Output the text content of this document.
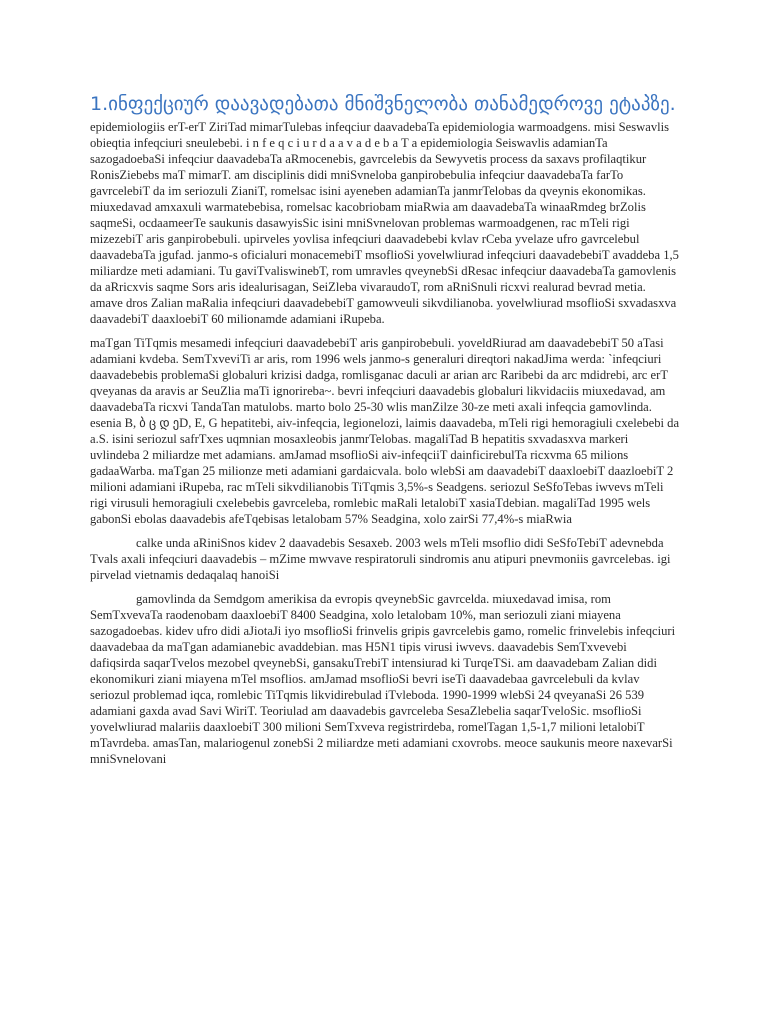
1.ინფექციურ დაავადებათა მნიშვნელობა თანამედროვე ეტაპზე.

epidemiologiis erT-erT ZiriTad mimarTulebas infeqciur daavadebaTa epidemiologia warmoadgens. misi Seswavlis obieqtia infeqciuri sneulebebi. i n f e q c i u r d a a v a d e b a T a epidemiologia Seiswavlis adamianTa sazogadoebaSi infeqciur daavadebaTa aRmocenebis, gavrcelebis da Sewyvetis process da saxavs profilaqtikur RonisZiebebs maT mimarT. am disciplinis didi mniSvneloba ganpirobebulia infeqciur daavadebaTa farTo gavrcelebiT da im seriozuli ZianiT, romelsac isini ayeneben adamianTa janmrTelobas da qveynis ekonomikas. miuxedavad amxaxuli warmatebebisa, romelsac kacobriobam miaRwia am daavadebaTa winaaRmdeg brZolis saqmeSi, ocdaameerTe saukunis dasawyisSic isini mniSvnelovan problemas warmoadgenen, rac mTeli rigi mizezebiT aris ganpirobebuli. upirveles yovlisa infeqciuri daavadebebi kvlav rCeba yvelaze ufro gavrcelebul daavadebaTa jgufad. janmo-s oficialuri monacemebiT msoflioSi yovelwliurad infeqciuri daavadebebiT avaddeba 1,5 miliardze meti adamiani. Tu gaviTvaliswinebT, rom umravles qveynebSi dResac infeqciur daavadebaTa gamovlenis da aRricxvis saqme Sors aris idealurisagan, SeiZleba vivaraudoT, rom aRniSnuli ricxvi realurad bevrad metia. amave dros Zalian maRalia infeqciuri daavadebebiT gamowveuli sikvdilianoba. yovelwliurad msoflioSi sxvadasxva daavadebiT daaxloebiT 60 milionamde adamiani iRupeba.

maTgan TiTqmis mesamedi infeqciuri daavadebebiT aris ganpirobebuli. yoveldRiurad am daavadebebiT 50 aTasi adamiani kvdeba. SemTxveviTi ar aris, rom 1996 wels janmo-s generaluri direqtori nakadJima werda: `infeqciuri daavadebebis problemaSi globaluri krizisi dadga, romlisganac daculi ar arian arc Raribebi da arc mdidrebi, arc erT qveyanas da aravis ar SeuZlia maTi ignorireba~. bevri infeqciuri daavadebis globaluri likvidaciis miuxedavad, am daavadebaTa ricxvi TandaTan matulobs. marto bolo 25-30 wlis manZilze 30-ze meti axali infeqcia gamovlinda. esenia B, ბ ც დ ეD, E, G hepatitebi, aiv-infeqcia, legionelozi, laimis daavadeba, mTeli rigi hemoragiuli cxelebebi da a.S. isini seriozul safrTxes uqmnian mosaxleobis janmrTelobas. magaliTad B hepatitis sxvadasxva markeri uvlindeba 2 miliardze met adamians. amJamad msoflioSi aiv-infeqciiT dainficirebulTa ricxvma 65 milions gadaaWarba. maTgan 25 milionze meti adamiani gardaicvala. bolo wlebSi am daavadebiT daaxloebiT daazloebiT 2 milioni adamiani iRupeba, rac mTeli sikvdilianobis TiTqmis 3,5%-s Seadgens. seriozul SeSfoTebas iwvevs mTeli rigi virusuli hemoragiuli cxelebebis gavrceleba, romlebic maRali letalobiT xasiaTdebian. magaliTad 1995 wels gabonSi ebolas daavadebis afeTqebisas letalobam 57% Seadgina, xolo zairSi 77,4%-s miaRwia

calke unda aRiniSnos kidev 2 daavadebis Sesaxeb. 2003 wels mTeli msoflio didi SeSfoTebiT adevnebda Tvals axali infeqciuri daavadebis – mZime mwvave respiratoruli sindromis anu atipuri pnevmoniis gavrcelebas. igi pirvelad vietnamis dedaqalaq hanoiSi

gamovlinda da Semdgom amerikisa da evropis qveynebSic gavrcelda. miuxedavad imisa, rom SemTxvevaTa raodenobam daaxloebiT 8400 Seadgina, xolo letalobam 10%, man seriozuli ziani miayena sazogadoebas. kidev ufro didi aJiotaJi iyo msoflioSi frinvelis gripis gavrcelebis gamo, romelic frinvelebis infeqciuri daavadebaa da maTgan adamianebic avaddebian. mas H5N1 tipis virusi iwvevs. daavadebis SemTxvevebi dafiqsirda saqarTvelos mezobel qveynebSi, gansakuTrebiT intensiurad ki TurqeTSi. am daavadebam Zalian didi ekonomikuri ziani miayena mTel msoflios. amJamad msoflioSi bevri iseTi daavadebaa gavrcelebuli da kvlav seriozul problemad iqca, romlebic TiTqmis likvidirebulad iTvleboda. 1990-1999 wlebSi 24 qveyanaSi 26 539 adamiani gaxda avad Savi WiriT. Teoriulad am daavadebis gavrceleba SesaZlebelia saqarTveloSic. msoflioSi yovelwliurad malariis daaxloebiT 300 milioni SemTxveva registrirdeba, romelTagan 1,5-1,7 milioni letalobiT mTavrdeba. amasTan, malariogenul zonebSi 2 miliardze meti adamiani cxovrobs. meoce saukunis meore naxevarSi mniSvnelovani
